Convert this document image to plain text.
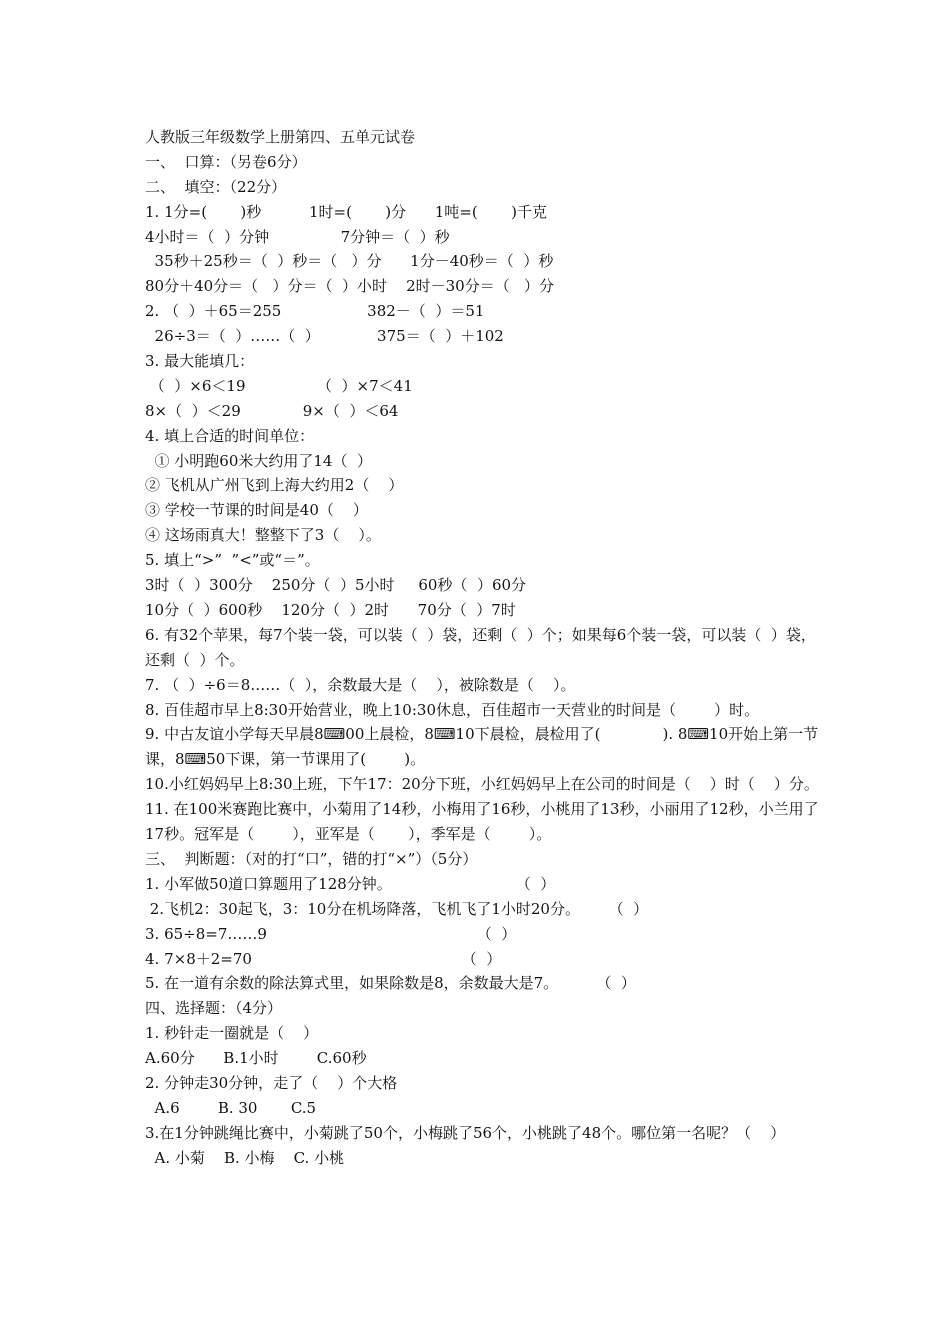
人教版三年级数学上册第四、五单元试卷
一、  口算：（另卷6分）
二、  填空：（22分）
1. 1分=(       )秒          1时=(       )分      1吨=(       )千克
4小时＝（  ）分钟               7分钟＝（  ）秒
35秒＋25秒＝（  ）秒＝（   ）分      1分－40秒＝（  ）秒
80分＋40分＝（   ）分＝（  ）小时    2时－30分＝（   ）分
2. （  ）＋65＝255                  382－（  ）＝51
26÷3＝（  ）……（  ）            375＝（  ）＋102
3. 最大能填几：
（  ）×6＜19               （  ）×7＜41
8×（  ）＜29             9×（  ）＜64
4. 填上合适的时间单位：
① 小明跑60米大约用了14（  ）
② 飞机从广州飞到上海大约用2（    ）
③ 学校一节课的时间是40（    ）
④ 这场雨真大！整整下了3（    ）。
5. 填上“>”  ”<”或“＝”。
3时（  ）300分    250分（  ）5小时     60秒（  ）60分
10分（  ）600秒    120分（  ）2时      70分（  ）7时
6. 有32个苹果，每7个装一袋，可以装（  ）袋，还剩（  ）个；如果每6个装一袋，可以装（  ）袋，还剩（  ）个。
7. （  ）÷6＝8……（  ），余数最大是（    ），被除数是（    ）。
8. 百佳超市早上8:30开始营业，晚上10:30休息，百佳超市一天营业的时间是（        ）时。
9. 中古友谊小学每天早晨8⌨00上晨检，8⌨10下晨检，晨检用了(             ). 8⌨10开始上第一节课，8⌨50下课，第一节课用了(        )。
10.小红妈妈早上8:30上班，下午17：20分下班，小红妈妈早上在公司的时间是（    ）时（    ）分。
11. 在100米赛跑比赛中，小菊用了14秒，小梅用了16秒，小桃用了13秒，小丽用了12秒，小兰用了17秒。冠军是（        ），亚军是（       ），季军是（        ）。
三、  判断题：（对的打“口”，错的打“×”）（5分）
1. 小军做50道口算题用了128分钟。                          （  ）
2.飞机2：30起飞，3：10分在机场降落，飞机飞了1小时20分。      （  ）
3. 65÷8=7……9                                            （  ）
4. 7×8＋2=70                                            （  ）
5. 在一道有余数的除法算式里，如果除数是8，余数最大是7。        （  ）
四、选择题：（4分）
1. 秒针走一圈就是（    ）
A.60分      B.1小时        C.60秒
2. 分钟走30分钟，走了（    ）个大格
A.6        B. 30       C.5
3.在1分钟跳绳比赛中，小菊跳了50个，小梅跳了56个，小桃跳了48个。哪位第一名呢？（    ）
A. 小菊    B. 小梅    C. 小桃
